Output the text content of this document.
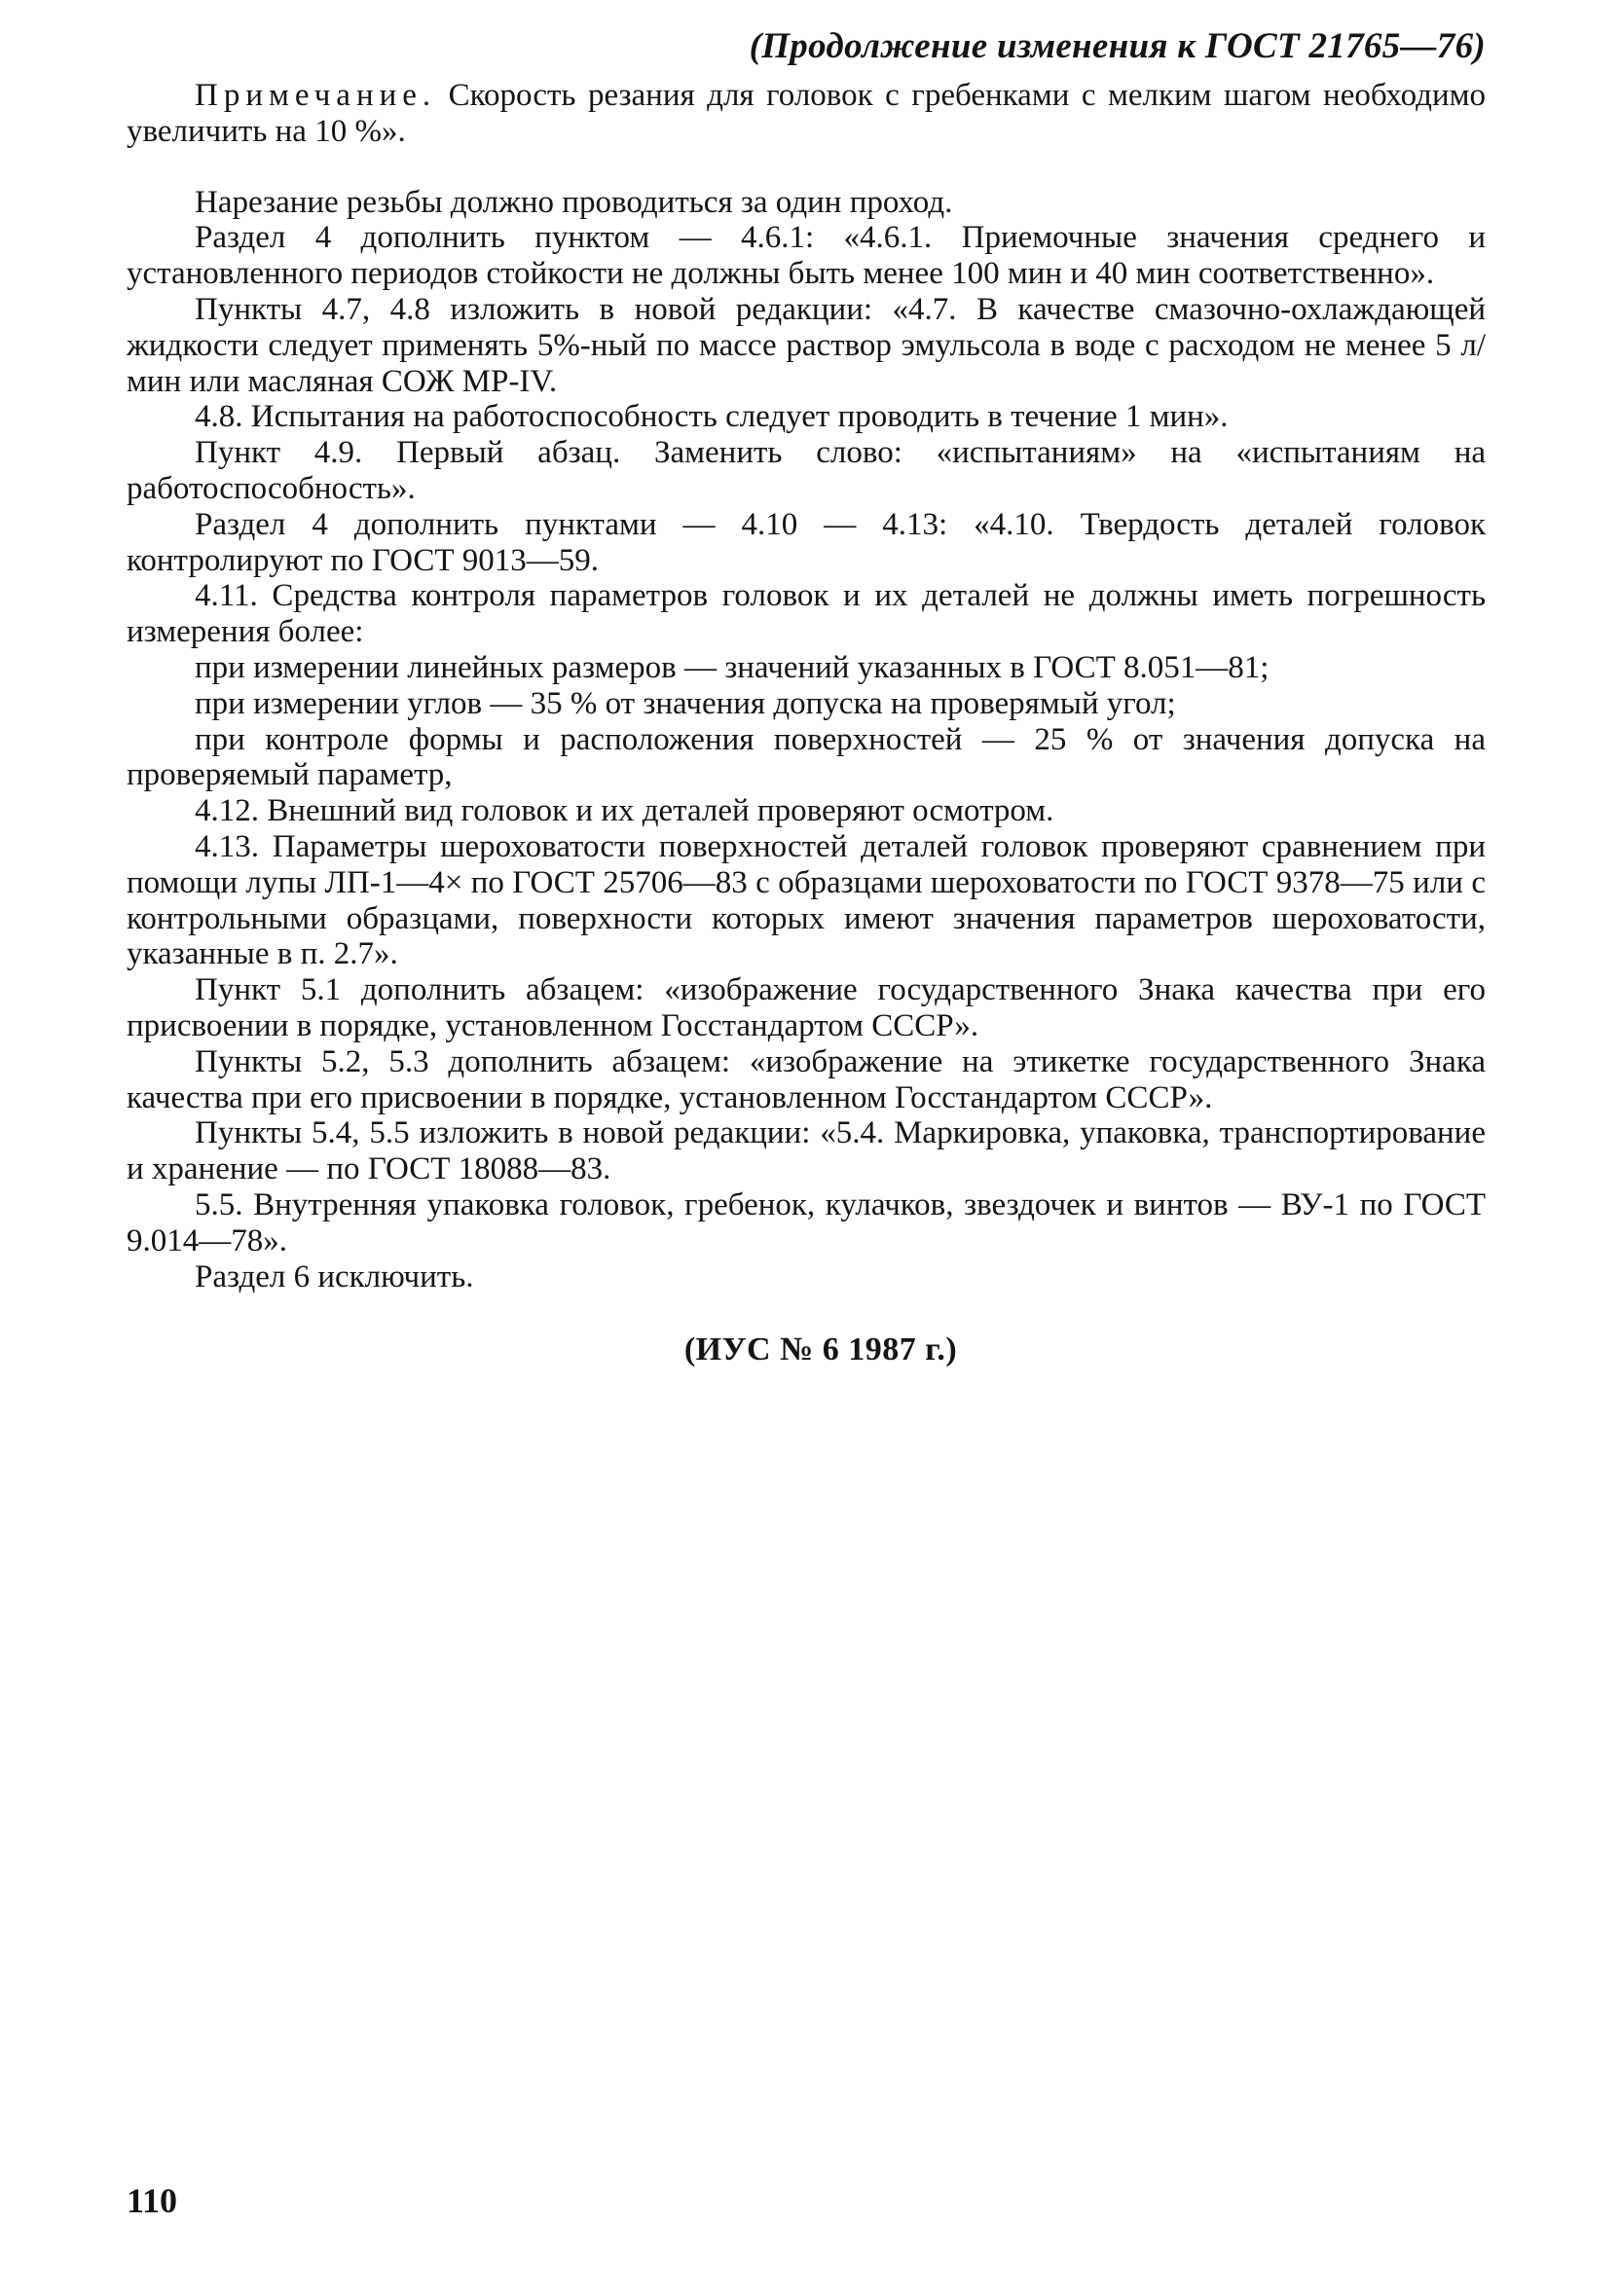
(Продолжение изменения к ГОСТ 21765—76)

Примечание. Скорость резания для головок с гребенками с мелким шагом необходимо увеличить на 10 %».

Нарезание резьбы должно проводиться за один проход.

Раздел 4 дополнить пунктом — 4.6.1: «4.6.1. Приемочные значения среднего и установленного периодов стойкости не должны быть менее 100 мин и 40 мин соответственно».

Пункты 4.7, 4.8 изложить в новой редакции: «4.7. В качестве смазочно-охлаждающей жидкости следует применять 5%-ный по массе раствор эмульсола в воде с расходом не менее 5 л/мин или масляная СОЖ МР-IV.

4.8. Испытания на работоспособность следует проводить в течение 1 мин».

Пункт 4.9. Первый абзац. Заменить слово: «испытаниям» на «испытаниям на работоспособность».

Раздел 4 дополнить пунктами — 4.10 — 4.13: «4.10. Твердость деталей головок контролируют по ГОСТ 9013—59.

4.11. Средства контроля параметров головок и их деталей не должны иметь погрешность измерения более:

при измерении линейных размеров — значений указанных в ГОСТ 8.051—81;

при измерении углов — 35 % от значения допуска на проверямый угол;

при контроле формы и расположения поверхностей — 25 % от значения допуска на проверяемый параметр,

4.12. Внешний вид головок и их деталей проверяют осмотром.

4.13. Параметры шероховатости поверхностей деталей головок проверяют сравнением при помощи лупы ЛП-1—4× по ГОСТ 25706—83 с образцами шероховатости по ГОСТ 9378—75 или с контрольными образцами, поверхности которых имеют значения параметров шероховатости, указанные в п. 2.7».

Пункт 5.1 дополнить абзацем: «изображение государственного Знака качества при его присвоении в порядке, установленном Госстандартом СССР».

Пункты 5.2, 5.3 дополнить абзацем: «изображение на этикетке государственного Знака качества при его присвоении в порядке, установленном Госстандартом СССР».

Пункты 5.4, 5.5 изложить в новой редакции: «5.4. Маркировка, упаковка, транспортирование и хранение — по ГОСТ 18088—83.

5.5. Внутренняя упаковка головок, гребенок, кулачков, звездочек и винтов — ВУ-1 по ГОСТ 9.014—78».

Раздел 6 исключить.

(ИУС № 6 1987 г.)
110
